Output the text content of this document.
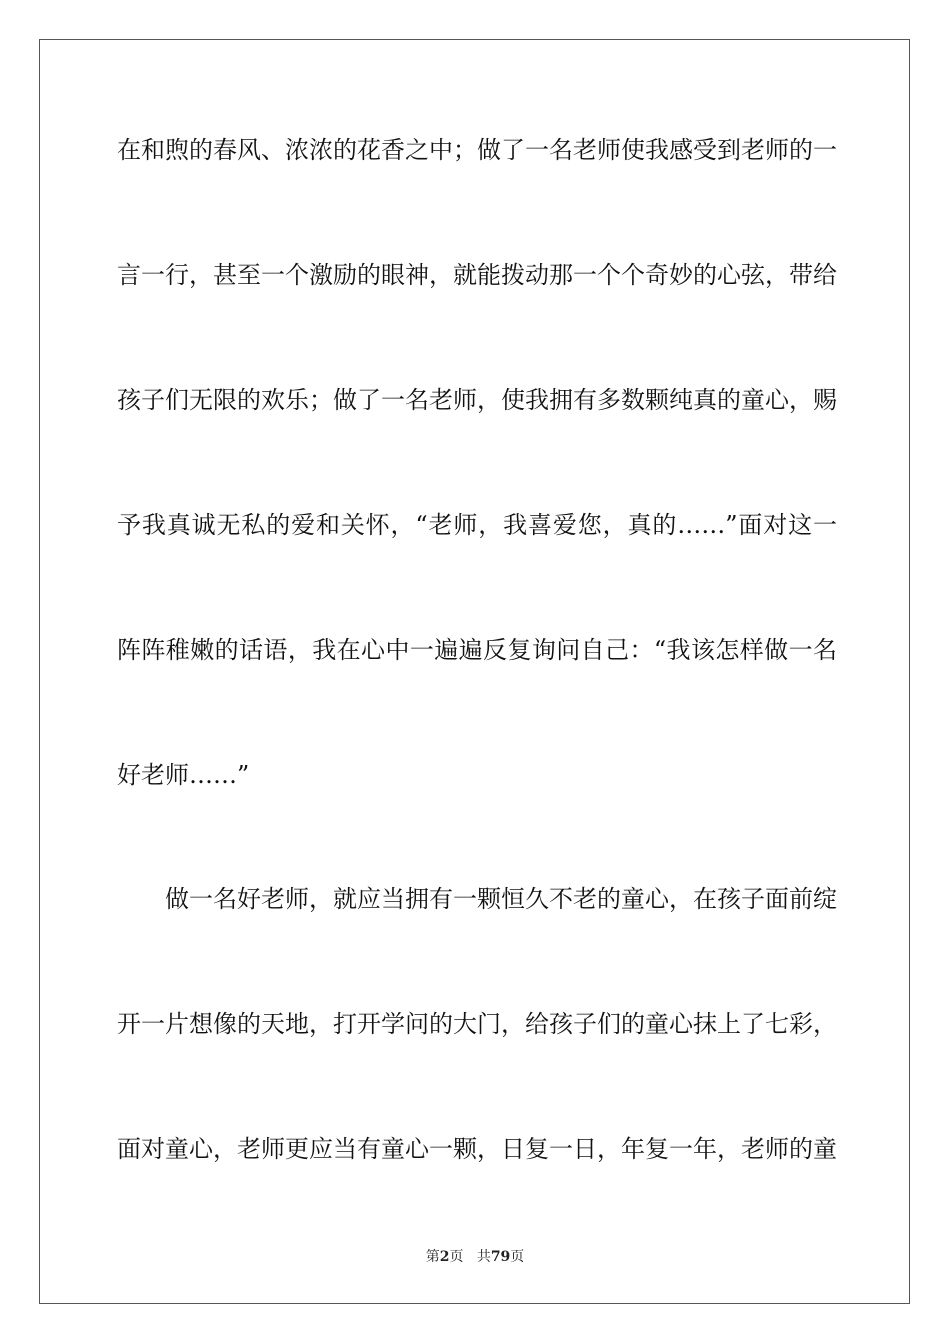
在和煦的春风、浓浓的花香之中；做了一名老师使我感受到老师的一
言一行，甚至一个激励的眼神，就能拨动那一个个奇妙的心弦，带给
孩子们无限的欢乐；做了一名老师，使我拥有多数颗纯真的童心，赐
予我真诚无私的爱和关怀，“老师，我喜爱您，真的……”面对这一
阵阵稚嫩的话语，我在心中一遍遍反复询问自己：“我该怎样做一名
好老师……”
做一名好老师，就应当拥有一颗恒久不老的童心，在孩子面前绽
开一片想像的天地，打开学问的大门，给孩子们的童心抹上了七彩，
面对童心，老师更应当有童心一颗，日复一日，年复一年，老师的童
第2页 共79页
